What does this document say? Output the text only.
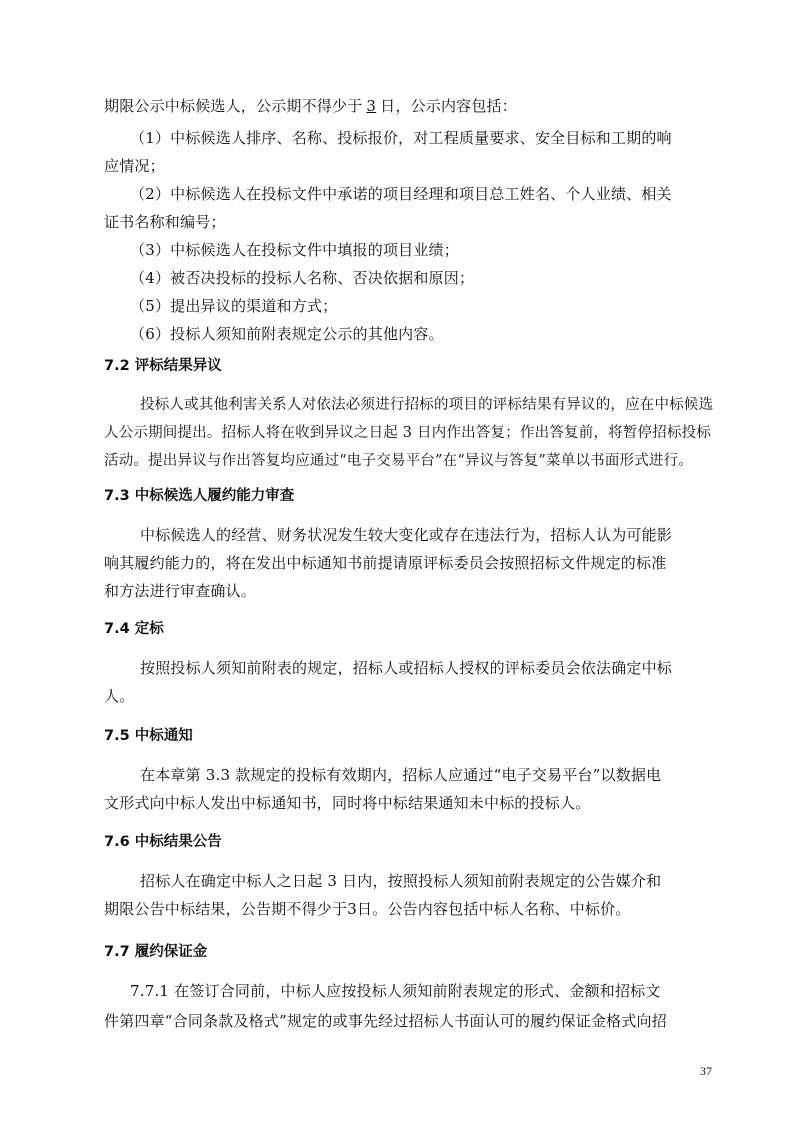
期限公示中标候选人，公示期不得少于 3 日，公示内容包括：
（1）中标候选人排序、名称、投标报价，对工程质量要求、安全目标和工期的响
应情况；
（2）中标候选人在投标文件中承诺的项目经理和项目总工姓名、个人业绩、相关
证书名称和编号；
（3）中标候选人在投标文件中填报的项目业绩；
（4）被否决投标的投标人名称、否决依据和原因；
（5）提出异议的渠道和方式；
（6）投标人须知前附表规定公示的其他内容。
7.2 评标结果异议
投标人或其他利害关系人对依法必须进行招标的项目的评标结果有异议的，应在中标候选
人公示期间提出。招标人将在收到异议之日起 3 日内作出答复；作出答复前，将暂停招标投标
活动。提出异议与作出答复均应通过“电子交易平台”在“异议与答复”菜单以书面形式进行。
7.3 中标候选人履约能力审查
中标候选人的经营、财务状况发生较大变化或存在违法行为，招标人认为可能影
响其履约能力的，将在发出中标通知书前提请原评标委员会按照招标文件规定的标准
和方法进行审查确认。
7.4 定标
按照投标人须知前附表的规定，招标人或招标人授权的评标委员会依法确定中标
人。
7.5 中标通知
在本章第 3.3 款规定的投标有效期内，招标人应通过“电子交易平台”以数据电
文形式向中标人发出中标通知书，同时将中标结果通知未中标的投标人。
7.6 中标结果公告
招标人在确定中标人之日起 3 日内，按照投标人须知前附表规定的公告媒介和
期限公告中标结果，公告期不得少于3日。公告内容包括中标人名称、中标价。
7.7 履约保证金
7.7.1 在签订合同前，中标人应按投标人须知前附表规定的形式、金额和招标文
件第四章“合同条款及格式”规定的或事先经过招标人书面认可的履约保证金格式向招
37
